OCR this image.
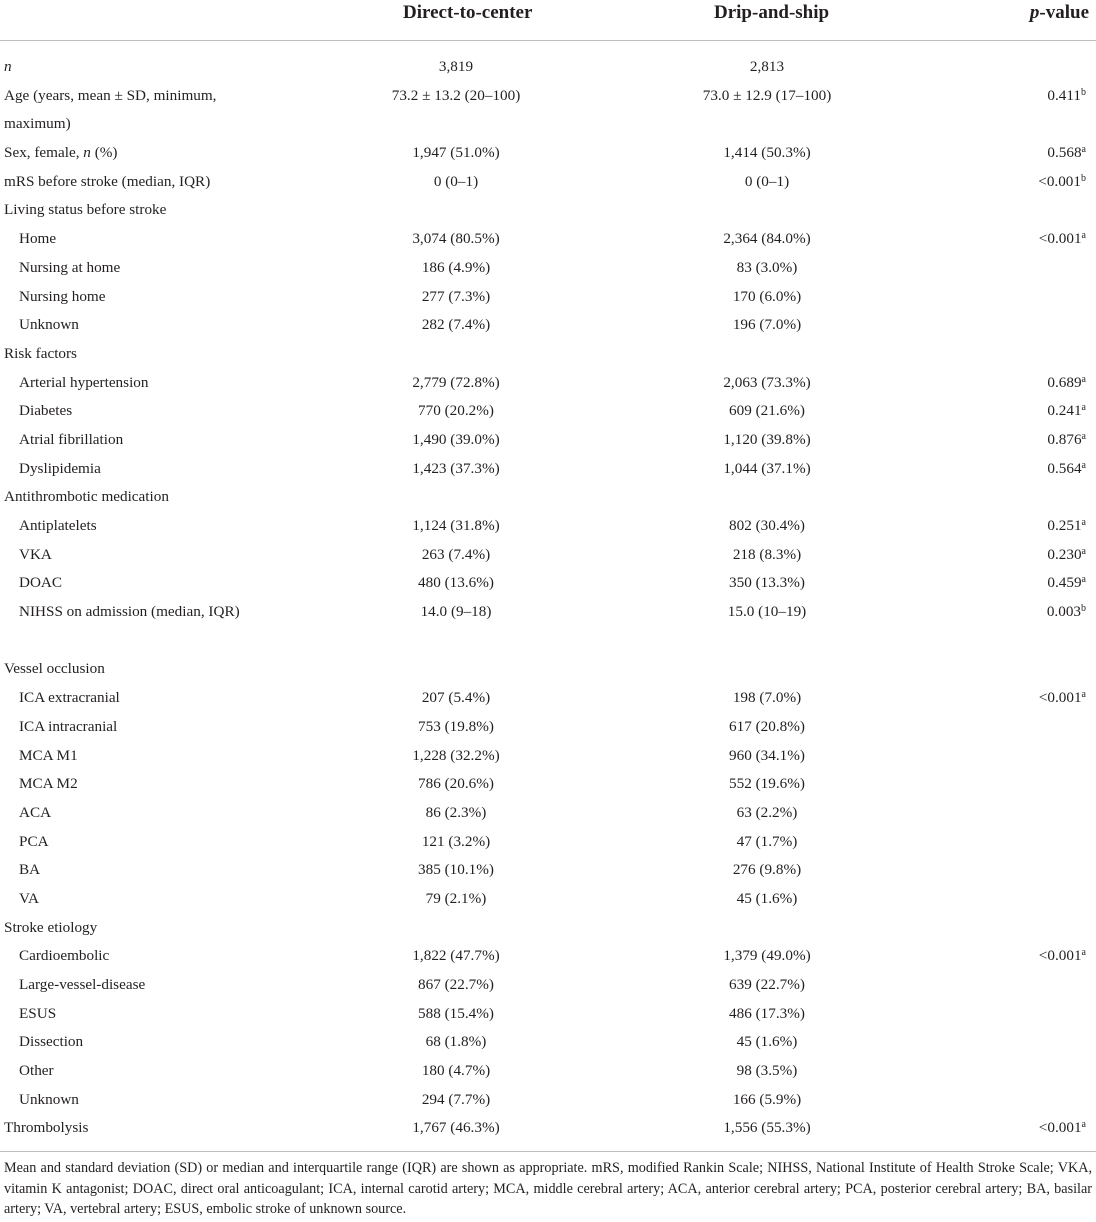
Direct-to-center	Drip-and-ship	p-value
n	3,819	2,813
Age (years, mean ± SD, minimum, maximum)
73.2 ± 13.2 (20–100)	73.0 ± 12.9 (17–100)	0.411$^b$
Sex, female, n (%)	1,947 (51.0%)	1,414 (50.3%)	0.568$^a$
mRS before stroke (median, IQR)	0 (0–1)	0 (0–1)	<0.001$^b$
Living status before stroke
Home	3,074 (80.5%)	2,364 (84.0%)	<0.001$^a$
Nursing at home	186 (4.9%)	83 (3.0%)
Nursing home	277 (7.3%)	170 (6.0%)
Unknown	282 (7.4%)	196 (7.0%)
Risk factors
Arterial hypertension	2,779 (72.8%)	2,063 (73.3%)	0.689$^a$
Diabetes	770 (20.2%)	609 (21.6%)	0.241$^a$
Atrial fibrillation	1,490 (39.0%)	1,120 (39.8%)	0.876$^a$
Dyslipidemia	1,423 (37.3%)	1,044 (37.1%)	0.564$^a$
Antithrombotic medication
Antiplatelets	1,124 (31.8%)	802 (30.4%)	0.251$^a$
VKA	263 (7.4%)	218 (8.3%)	0.230$^a$
DOAC	480 (13.6%)	350 (13.3%)	0.459$^a$
NIHSS on admission (median, IQR)	14.0 (9–18)	15.0 (10–19)	0.003$^b$
Vessel occlusion
ICA extracranial	207 (5.4%)	198 (7.0%)	<0.001$^a$
ICA intracranial	753 (19.8%)	617 (20.8%)
MCA M1	1,228 (32.2%)	960 (34.1%)
MCA M2	786 (20.6%)	552 (19.6%)
ACA	86 (2.3%)	63 (2.2%)
PCA	121 (3.2%)	47 (1.7%)
BA	385 (10.1%)	276 (9.8%)
VA	79 (2.1%)	45 (1.6%)
Stroke etiology
Cardioembolic	1,822 (47.7%)	1,379 (49.0%)	<0.001$^a$
Large-vessel-disease	867 (22.7%)	639 (22.7%)
ESUS	588 (15.4%)	486 (17.3%)
Dissection	68 (1.8%)	45 (1.6%)
Other	180 (4.7%)	98 (3.5%)
Unknown	294 (7.7%)	166 (5.9%)
Thrombolysis	1,767 (46.3%)	1,556 (55.3%)	<0.001$^a$
Mean and standard deviation (SD) or median and interquartile range (IQR) are shown as appropriate. mRS, modified Rankin Scale; NIHSS, National Institute of Health Stroke Scale; VKA, vitamin K antagonist; DOAC, direct oral anticoagulant; ICA, internal carotid artery; MCA, middle cerebral artery; ACA, anterior cerebral artery; PCA, posterior cerebral artery; BA, basilar artery; VA, vertebral artery; ESUS, embolic stroke of unknown source.
